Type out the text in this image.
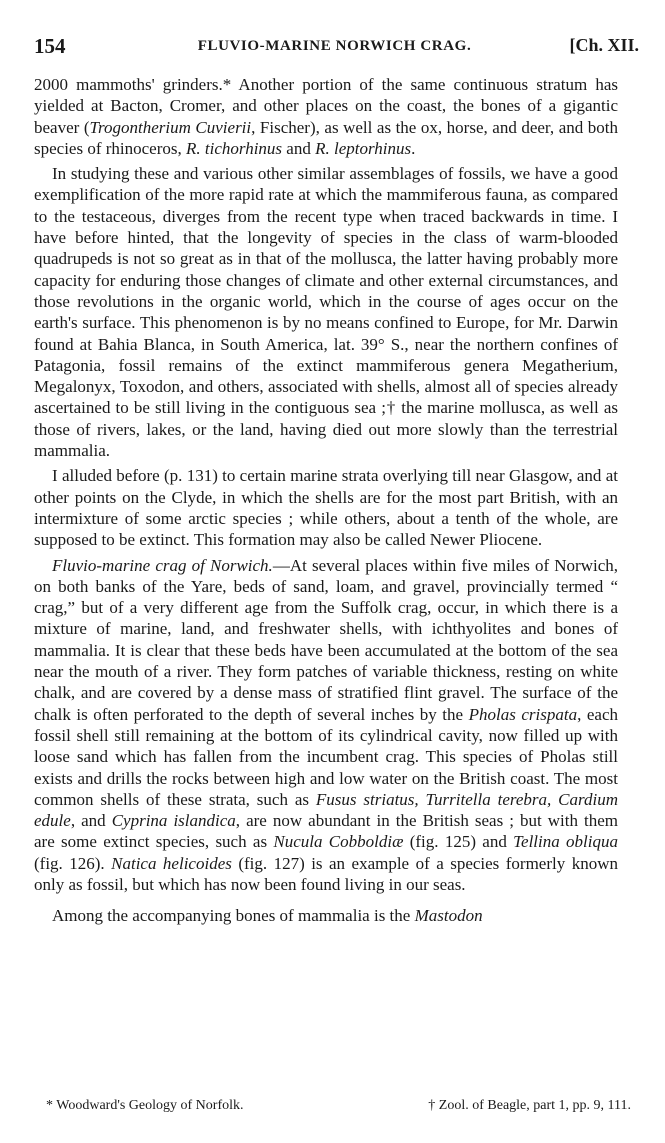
154	FLUVIO-MARINE NORWICH CRAG.	[Ch. XII.

2000 mammoths' grinders.* Another portion of the same continuous stratum has yielded at Bacton, Cromer, and other places on the coast, the bones of a gigantic beaver (Trogontherium Cuvierii, Fischer), as well as the ox, horse, and deer, and both species of rhinoceros, R. tichorhinus and R. leptorhinus.

In studying these and various other similar assemblages of fossils, we have a good exemplification of the more rapid rate at which the mammiferous fauna, as compared to the testaceous, diverges from the recent type when traced backwards in time. I have before hinted, that the longevity of species in the class of warm-blooded quadrupeds is not so great as in that of the mollusca, the latter having probably more capacity for enduring those changes of climate and other external circumstances, and those revolutions in the organic world, which in the course of ages occur on the earth's surface. This phenomenon is by no means confined to Europe, for Mr. Darwin found at Bahia Blanca, in South America, lat. 39° S., near the northern confines of Patagonia, fossil remains of the extinct mammiferous genera Megatherium, Megalonyx, Toxodon, and others, associated with shells, almost all of species already ascertained to be still living in the contiguous sea ;† the marine mollusca, as well as those of rivers, lakes, or the land, having died out more slowly than the terrestrial mammalia.

I alluded before (p. 131) to certain marine strata overlying till near Glasgow, and at other points on the Clyde, in which the shells are for the most part British, with an intermixture of some arctic species ; while others, about a tenth of the whole, are supposed to be extinct. This formation may also be called Newer Pliocene.

Fluvio-marine crag of Norwich.—At several places within five miles of Norwich, on both banks of the Yare, beds of sand, loam, and gravel, provincially termed “ crag,” but of a very different age from the Suffolk crag, occur, in which there is a mixture of marine, land, and freshwater shells, with ichthyolites and bones of mammalia. It is clear that these beds have been accumulated at the bottom of the sea near the mouth of a river. They form patches of variable thickness, resting on white chalk, and are covered by a dense mass of stratified flint gravel. The surface of the chalk is often perforated to the depth of several inches by the Pholas crispata, each fossil shell still remaining at the bottom of its cylindrical cavity, now filled up with loose sand which has fallen from the incumbent crag. This species of Pholas still exists and drills the rocks between high and low water on the British coast. The most common shells of these strata, such as Fusus striatus, Turritella terebra, Cardium edule, and Cyprina islandica, are now abundant in the British seas ; but with them are some extinct species, such as Nucula Cobboldiæ (fig. 125) and Tellina obliqua (fig. 126). Natica helicoides (fig. 127) is an example of a species formerly known only as fossil, but which has now been found living in our seas.

Among the accompanying bones of mammalia is the Mastodon

* Woodward's Geology of Norfolk.	† Zool. of Beagle, part 1, pp. 9, 111.
